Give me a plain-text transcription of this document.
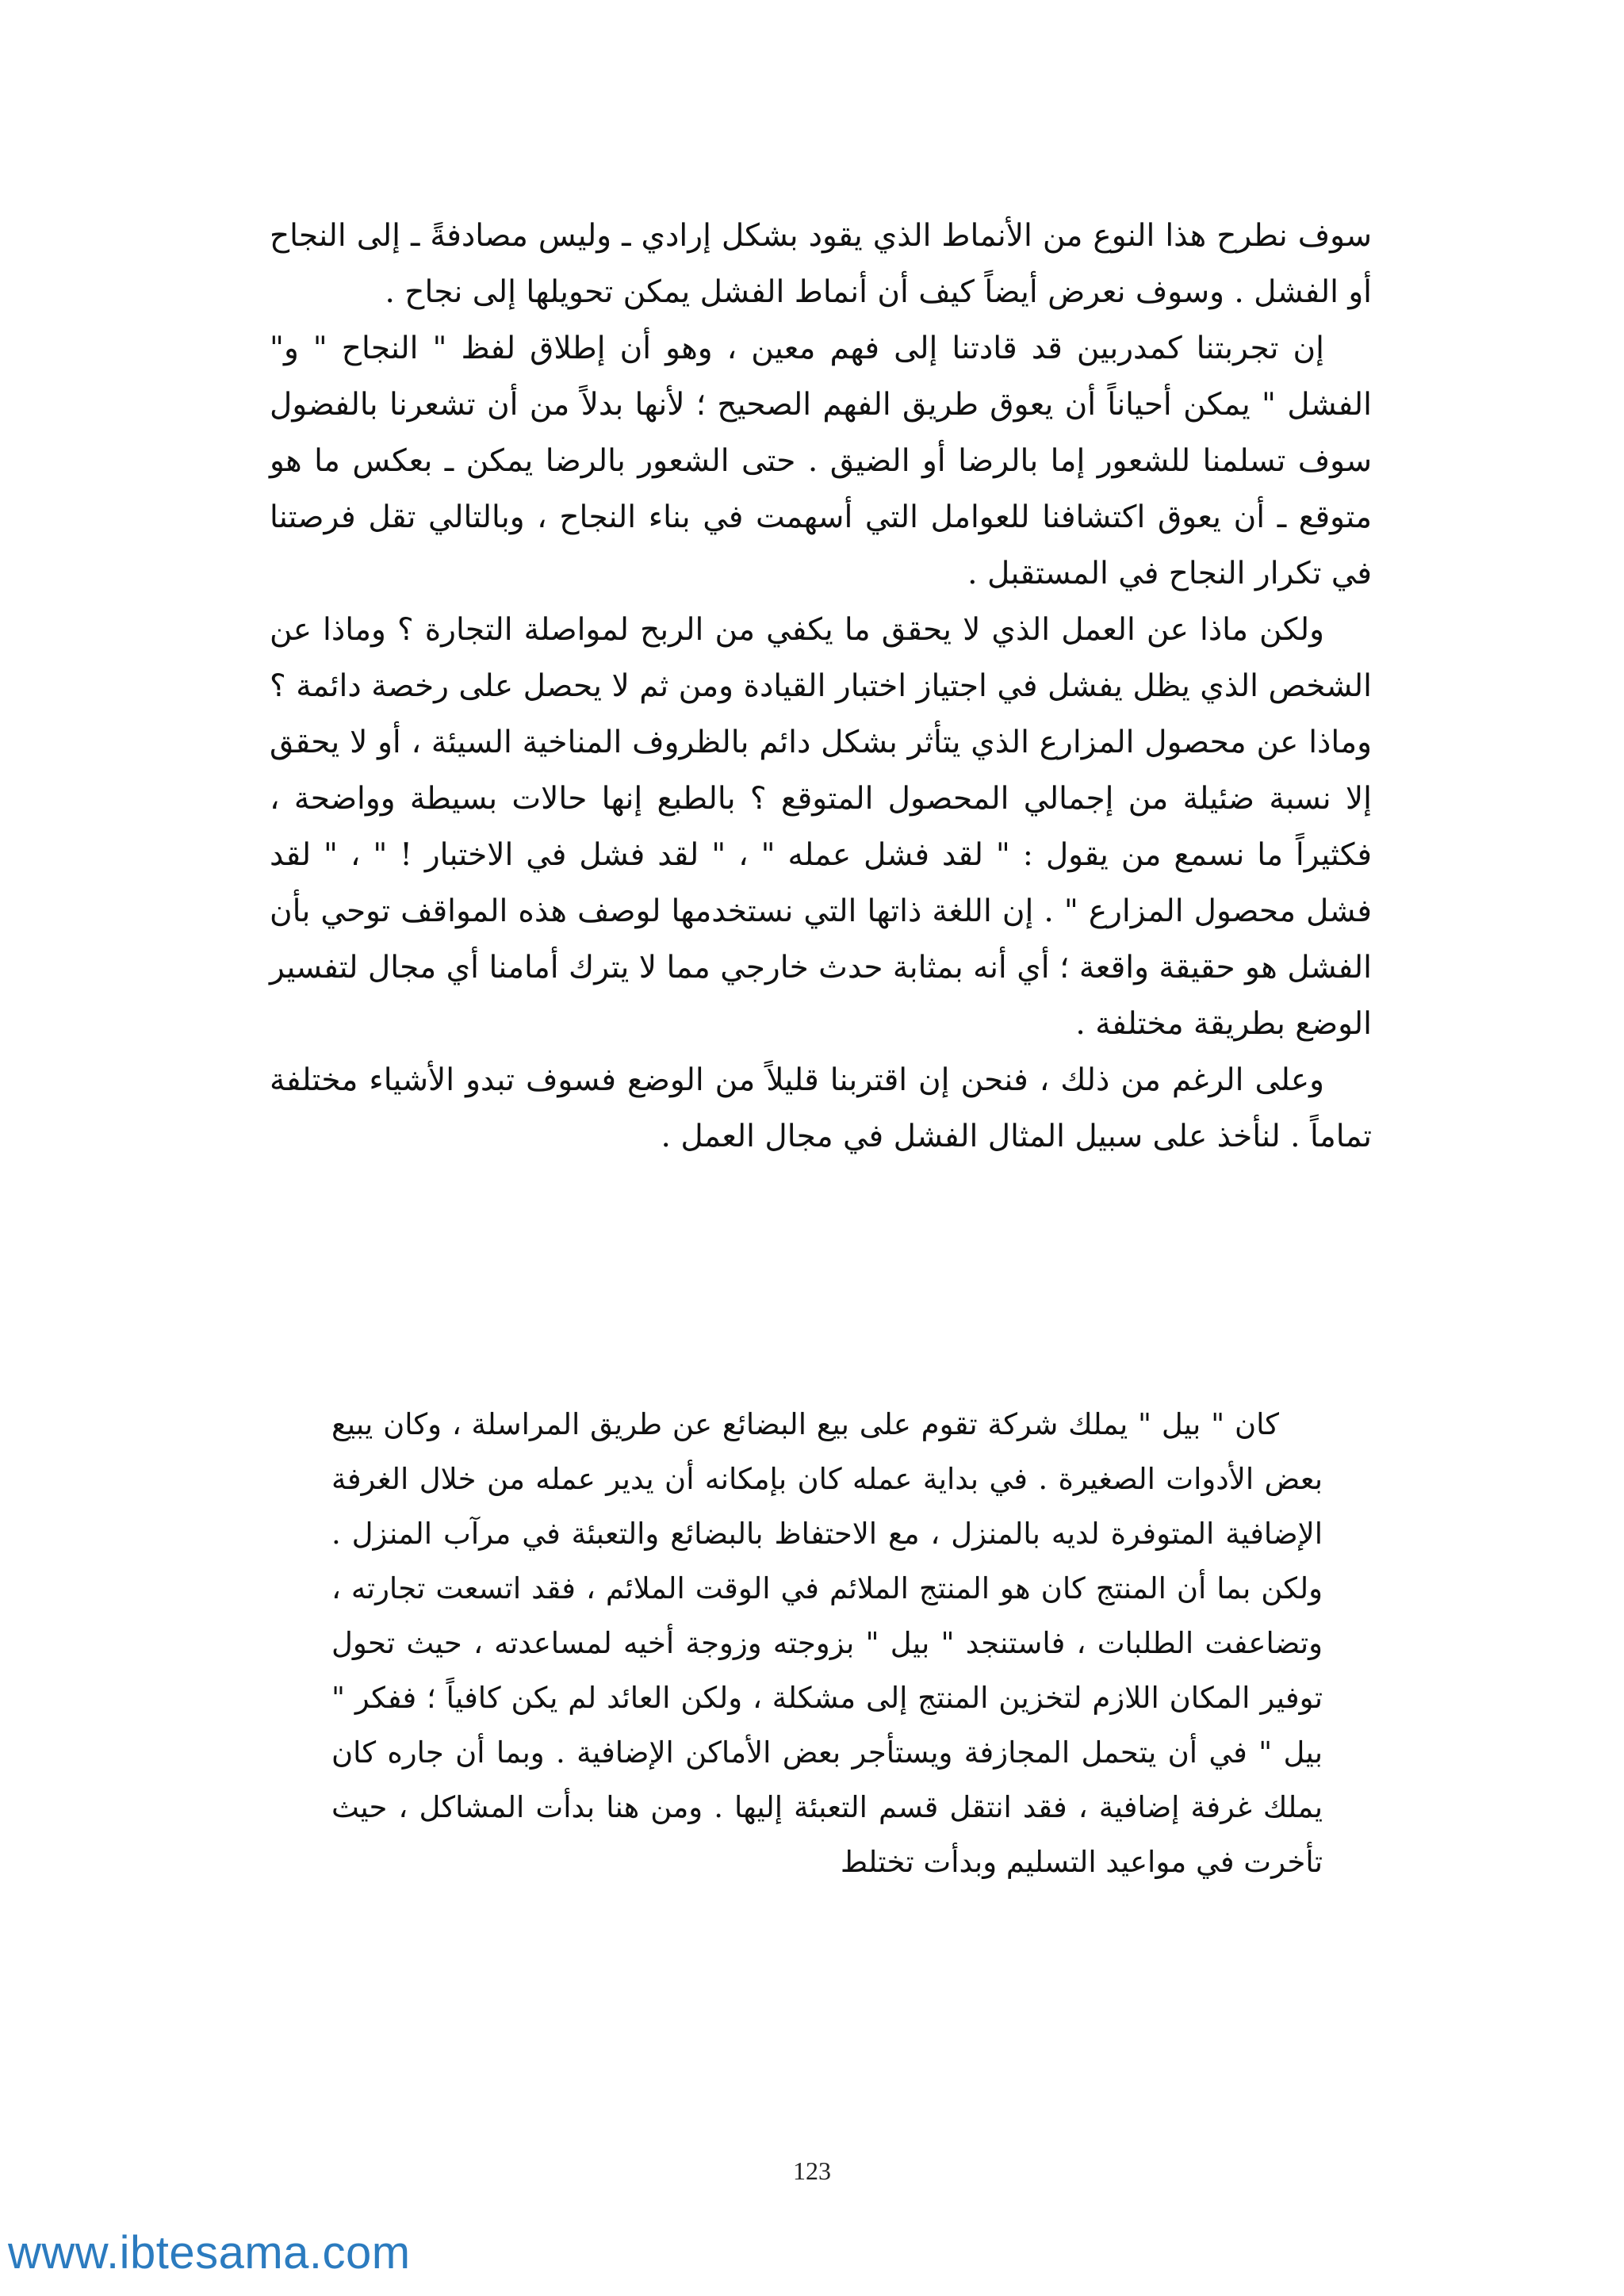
سوف نطرح هذا النوع من الأنماط الذي يقود بشكل إرادي ـ وليس مصادفةً ـ إلى النجاح أو الفشل . وسوف نعرض أيضاً كيف أن أنماط الفشل يمكن تحويلها إلى نجاح .

إن تجربتنا كمدربين قد قادتنا إلى فهم معين ، وهو أن إطلاق لفظ " النجاح " و" الفشل " يمكن أحياناً أن يعوق طريق الفهم الصحيح ؛ لأنها بدلاً من أن تشعرنا بالفضول سوف تسلمنا للشعور إما بالرضا أو الضيق . حتى الشعور بالرضا يمكن ـ بعكس ما هو متوقع ـ أن يعوق اكتشافنا للعوامل التي أسهمت في بناء النجاح ، وبالتالي تقل فرصتنا في تكرار النجاح في المستقبل .

ولكن ماذا عن العمل الذي لا يحقق ما يكفي من الربح لمواصلة التجارة ؟ وماذا عن الشخص الذي يظل يفشل في اجتياز اختبار القيادة ومن ثم لا يحصل على رخصة دائمة ؟ وماذا عن محصول المزارع الذي يتأثر بشكل دائم بالظروف المناخية السيئة ، أو لا يحقق إلا نسبة ضئيلة من إجمالي المحصول المتوقع ؟ بالطبع إنها حالات بسيطة وواضحة ، فكثيراً ما نسمع من يقول : " لقد فشل عمله " ، " لقد فشل في الاختبار ! " ، " لقد فشل محصول المزارع " . إن اللغة ذاتها التي نستخدمها لوصف هذه المواقف توحي بأن الفشل هو حقيقة واقعة ؛ أي أنه بمثابة حدث خارجي مما لا يترك أمامنا أي مجال لتفسير الوضع بطريقة مختلفة .

وعلى الرغم من ذلك ، فنحن إن اقتربنا قليلاً من الوضع فسوف تبدو الأشياء مختلفة تماماً . لنأخذ على سبيل المثال الفشل في مجال العمل .

كان " بيل " يملك شركة تقوم على بيع البضائع عن طريق المراسلة ، وكان يبيع بعض الأدوات الصغيرة . في بداية عمله كان بإمكانه أن يدير عمله من خلال الغرفة الإضافية المتوفرة لديه بالمنزل ، مع الاحتفاظ بالبضائع والتعبئة في مرآب المنزل . ولكن بما أن المنتج كان هو المنتج الملائم في الوقت الملائم ، فقد اتسعت تجارته ، وتضاعفت الطلبات ، فاستنجد " بيل " بزوجته وزوجة أخيه لمساعدته ، حيث تحول توفير المكان اللازم لتخزين المنتج إلى مشكلة ، ولكن العائد لم يكن كافياً ؛ ففكر " بيل " في أن يتحمل المجازفة ويستأجر بعض الأماكن الإضافية . وبما أن جاره كان يملك غرفة إضافية ، فقد انتقل قسم التعبئة إليها . ومن هنا بدأت المشاكل ، حيث تأخرت في مواعيد التسليم وبدأت تختلط

123
www.ibtesama.com
